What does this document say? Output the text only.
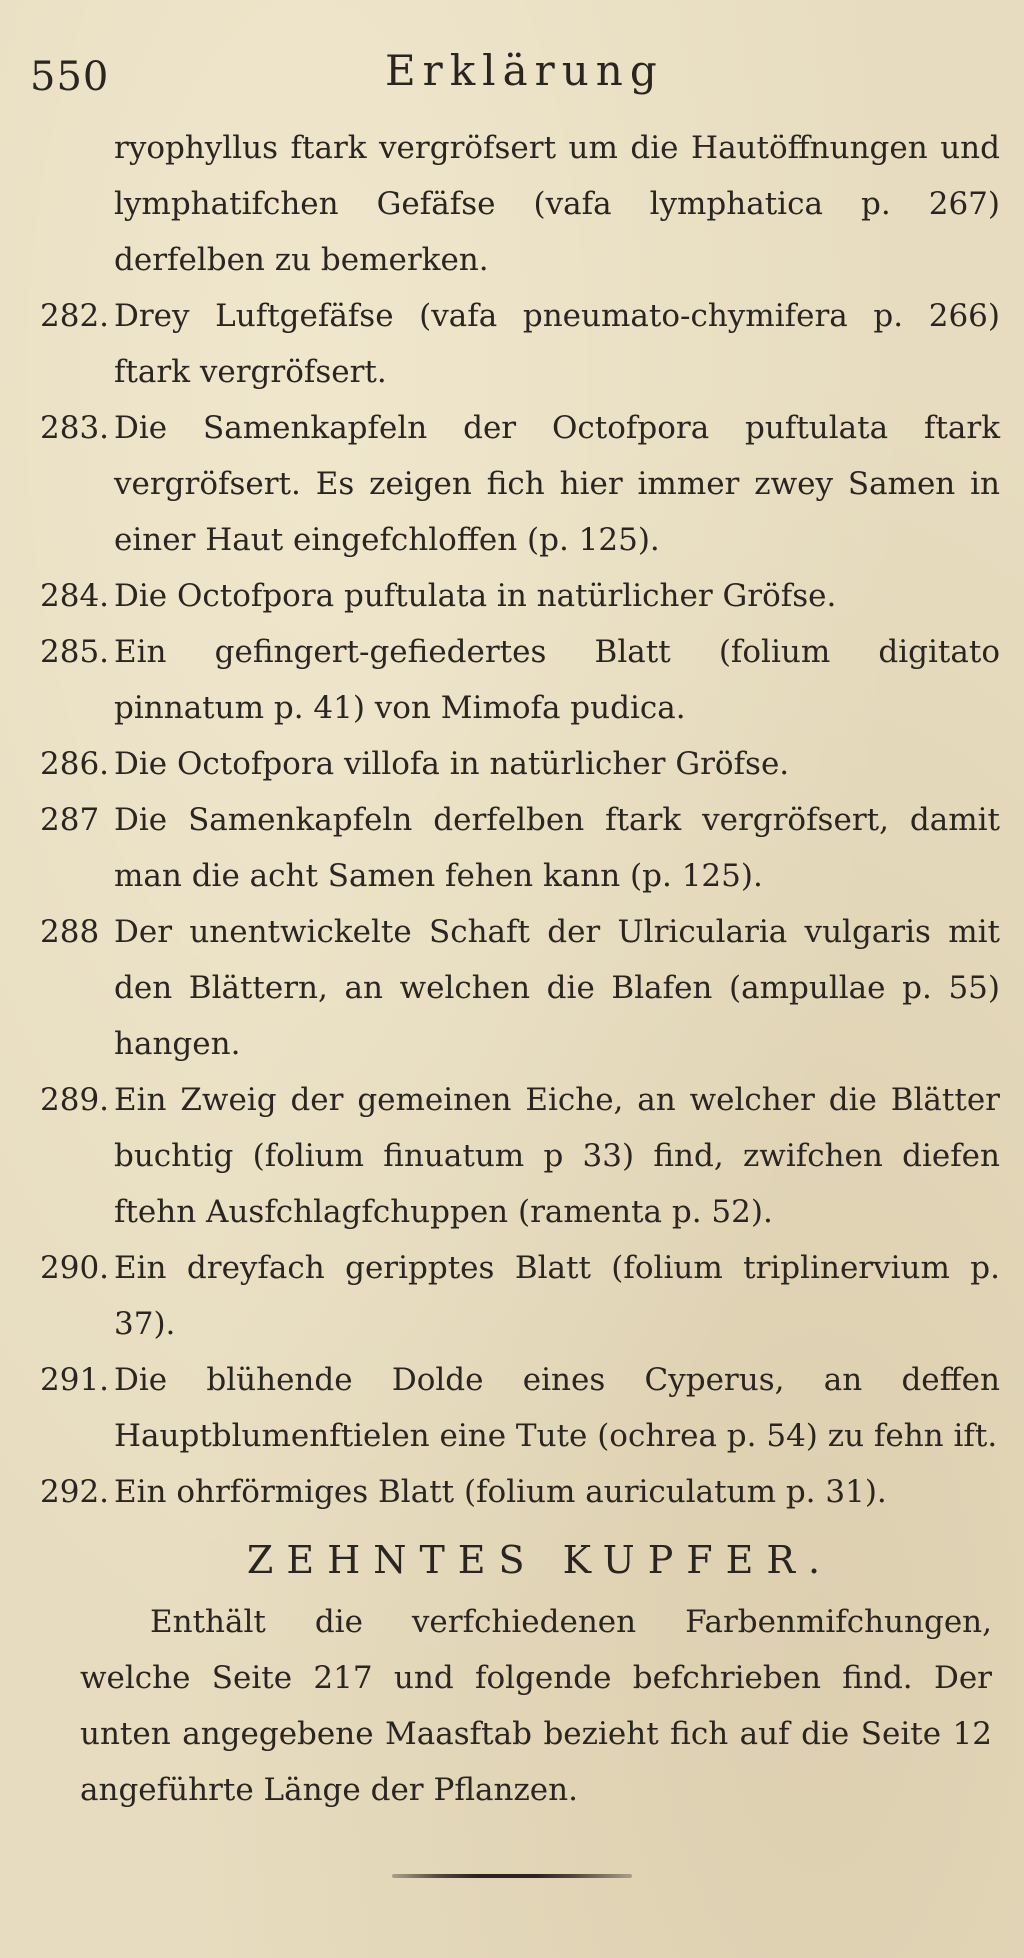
550	Erklärung
ryophyllus ftark vergröfsert um die Hautöffnungen und lymphatifchen Gefäfse (vafa lymphatica p. 267) derfelben zu bemerken.
282. Drey Luftgefäfse (vafa pneumato-chymifera p. 266) ftark vergröfsert.
283. Die Samenkapfeln der Octofpora puftulata ftark vergröfsert. Es zeigen fich hier immer zwey Samen in einer Haut eingefchloffen (p. 125).
284. Die Octofpora puftulata in natürlicher Gröfse.
285. Ein gefingert-gefiedertes Blatt (folium digitato pinnatum p. 41) von Mimofa pudica.
286. Die Octofpora villofa in natürlicher Gröfse.
287 Die Samenkapfeln derfelben ftark vergröfsert, damit man die acht Samen fehen kann (p. 125).
288 Der unentwickelte Schaft der Ulricularia vulgaris mit den Blättern, an welchen die Blafen (ampullae p. 55) hangen.
289. Ein Zweig der gemeinen Eiche, an welcher die Blätter buchtig (folium finuatum p 33) find, zwifchen diefen ftehn Ausfchlagfchuppen (ramenta p. 52).
290. Ein dreyfach geripptes Blatt (folium triplinervium p. 37).
291. Die blühende Dolde eines Cyperus, an deffen Hauptblumenftielen eine Tute (ochrea p. 54) zu fehn ift.
292. Ein ohrförmiges Blatt (folium auriculatum p. 31).
ZEHNTES KUPFER.
Enthält die verfchiedenen Farbenmifchungen, welche Seite 217 und folgende befchrieben find. Der unten angegebene Maasftab bezieht fich auf die Seite 12 angeführte Länge der Pflanzen.
